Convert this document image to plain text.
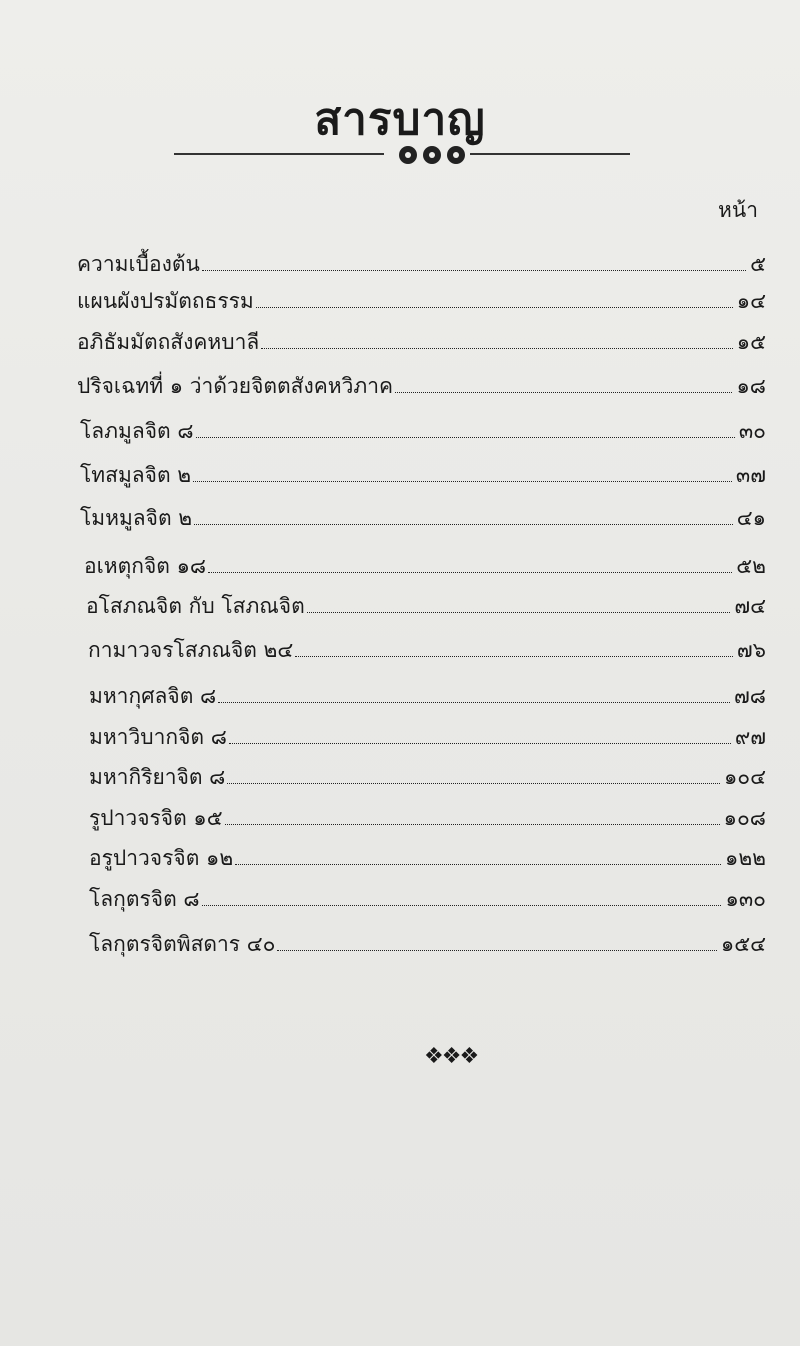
สารบาญ
หน้า
ความเบื้องต้น	๕
แผนผังปรมัตถธรรม	๑๔
อภิธัมมัตถสังคหบาลี	๑๕
ปริจเฉทที่ ๑ ว่าด้วยจิตตสังคหวิภาค	๑๘
โลภมูลจิต ๘	๓๐
โทสมูลจิต ๒	๓๗
โมหมูลจิต ๒	๔๑
อเหตุกจิต ๑๘	๕๒
อโสภณจิต กับ โสภณจิต	๗๔
กามาวจรโสภณจิต ๒๔	๗๖
มหากุศลจิต ๘	๗๘
มหาวิบากจิต ๘	๙๗
มหากิริยาจิต ๘	๑๐๔
รูปาวจรจิต ๑๕	๑๐๘
อรูปาวจรจิต ๑๒	๑๒๒
โลกุตรจิต ๘	๑๓๐
โลกุตรจิตพิสดาร ๔๐	๑๕๔
❖❖❖
